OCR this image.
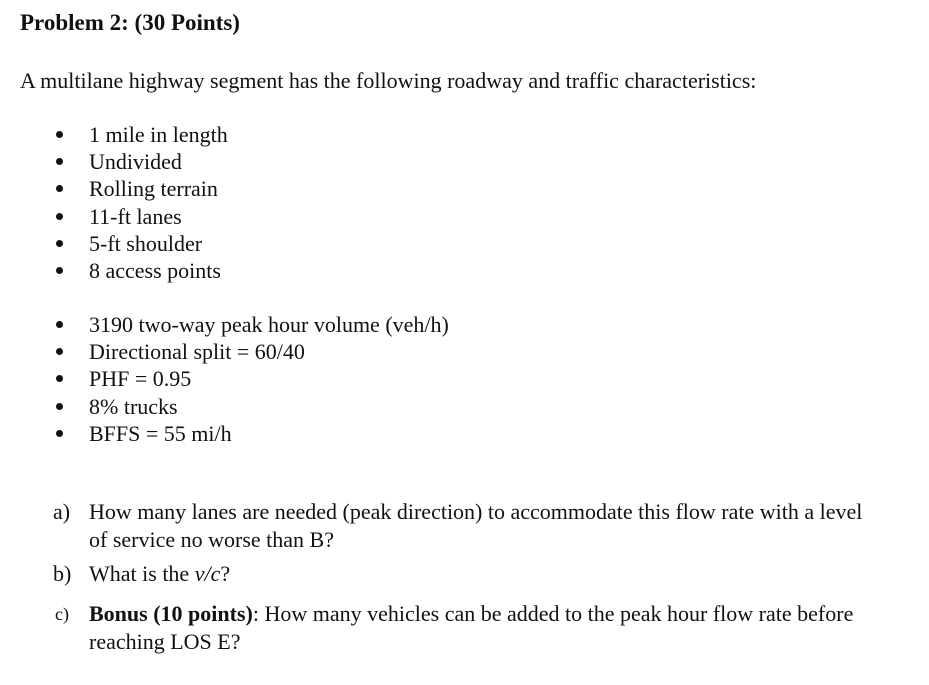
Problem 2: (30 Points)
A multilane highway segment has the following roadway and traffic characteristics:
1 mile in length
Undivided
Rolling terrain
11-ft lanes
5-ft shoulder
8 access points
3190 two-way peak hour volume (veh/h)
Directional split = 60/40
PHF = 0.95
8% trucks
BFFS = 55 mi/h
a) How many lanes are needed (peak direction) to accommodate this flow rate with a level of service no worse than B?
b) What is the v/c?
c) Bonus (10 points): How many vehicles can be added to the peak hour flow rate before reaching LOS E?
